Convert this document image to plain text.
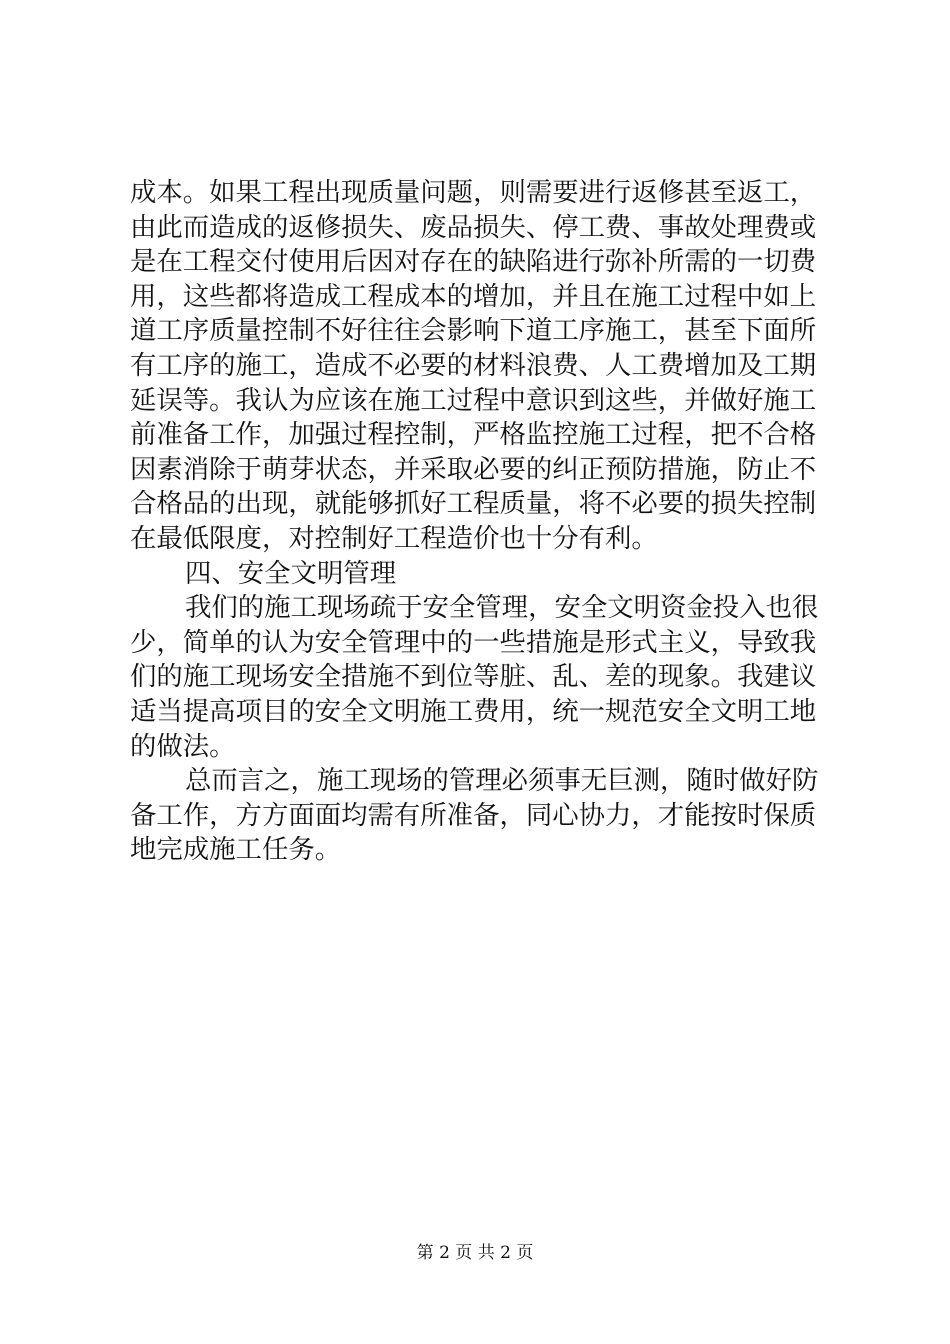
成本。如果工程出现质量问题，则需要进行返修甚至返工，由此而造成的返修损失、废品损失、停工费、事故处理费或是在工程交付使用后因对存在的缺陷进行弥补所需的一切费用，这些都将造成工程成本的增加，并且在施工过程中如上道工序质量控制不好往往会影响下道工序施工，甚至下面所有工序的施工，造成不必要的材料浪费、人工费增加及工期延误等。我认为应该在施工过程中意识到这些，并做好施工前准备工作，加强过程控制，严格监控施工过程，把不合格因素消除于萌芽状态，并采取必要的纠正预防措施，防止不合格品的出现，就能够抓好工程质量，将不必要的损失控制在最低限度，对控制好工程造价也十分有利。

四、安全文明管理

我们的施工现场疏于安全管理，安全文明资金投入也很少，简单的认为安全管理中的一些措施是形式主义，导致我们的施工现场安全措施不到位等脏、乱、差的现象。我建议适当提高项目的安全文明施工费用，统一规范安全文明工地的做法。

总而言之，施工现场的管理必须事无巨测，随时做好防备工作，方方面面均需有所准备，同心协力，才能按时保质地完成施工任务。

第 2 页 共 2 页
